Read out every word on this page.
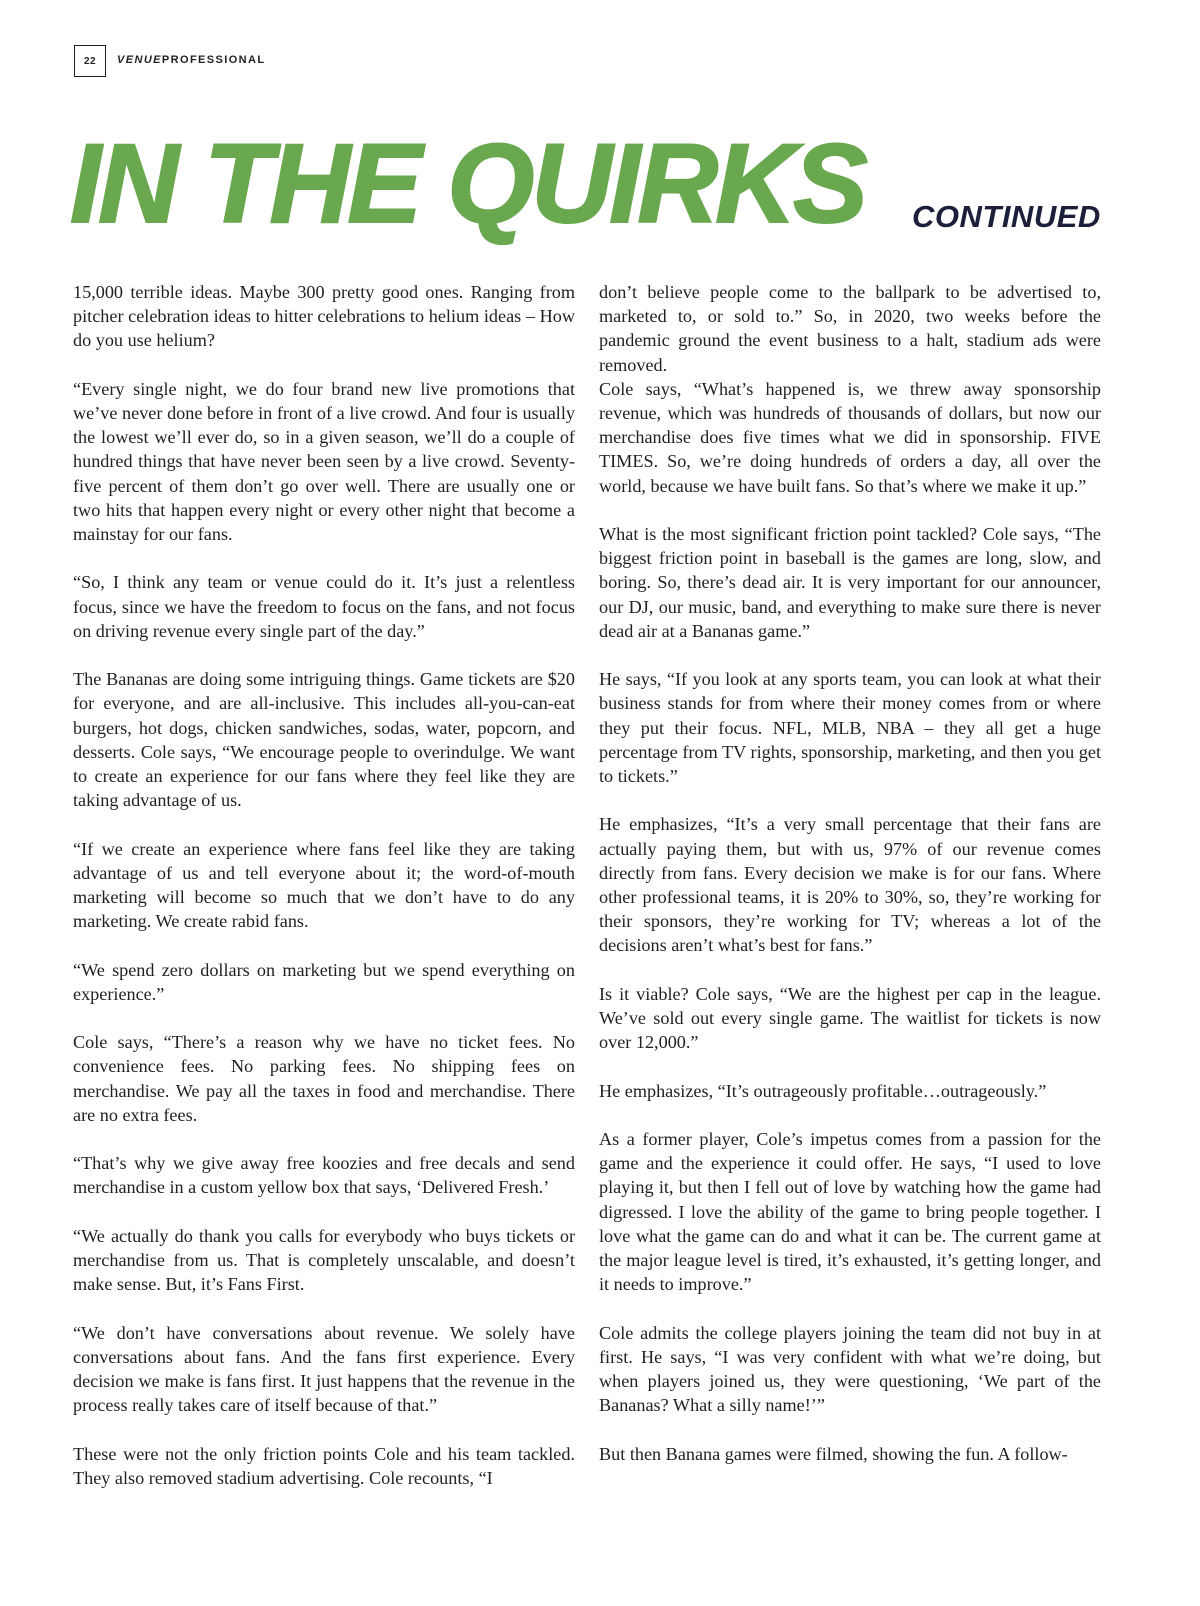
22	VENUEPROFESSIONAL
IN THE QUIRKS CONTINUED

15,000 terrible ideas. Maybe 300 pretty good ones. Ranging from pitcher celebration ideas to hitter celebrations to helium ideas – How do you use helium?

“Every single night, we do four brand new live promotions that we’ve never done before in front of a live crowd. And four is usually the lowest we’ll ever do, so in a given season, we’ll do a couple of hundred things that have never been seen by a live crowd. Seventy-five percent of them don’t go over well. There are usually one or two hits that happen every night or every other night that become a mainstay for our fans.

“So, I think any team or venue could do it. It’s just a relentless focus, since we have the freedom to focus on the fans, and not focus on driving revenue every single part of the day.”

The Bananas are doing some intriguing things. Game tickets are $20 for everyone, and are all-inclusive. This includes all-you-can-eat burgers, hot dogs, chicken sandwiches, sodas, water, popcorn, and desserts. Cole says, “We encourage people to overindulge. We want to create an experience for our fans where they feel like they are taking advantage of us.

“If we create an experience where fans feel like they are taking advantage of us and tell everyone about it; the word-of-mouth marketing will become so much that we don’t have to do any marketing. We create rabid fans.

“We spend zero dollars on marketing but we spend everything on experience.”

Cole says, “There’s a reason why we have no ticket fees. No convenience fees. No parking fees. No shipping fees on merchandise. We pay all the taxes in food and merchandise. There are no extra fees.

“That’s why we give away free koozies and free decals and send merchandise in a custom yellow box that says, ‘Delivered Fresh.’

“We actually do thank you calls for everybody who buys tickets or merchandise from us. That is completely unscalable, and doesn’t make sense. But, it’s Fans First.

“We don’t have conversations about revenue. We solely have conversations about fans. And the fans first experience. Every decision we make is fans first. It just happens that the revenue in the process really takes care of itself because of that.”

These were not the only friction points Cole and his team tackled. They also removed stadium advertising. Cole recounts, “I

don’t believe people come to the ballpark to be advertised to, marketed to, or sold to.” So, in 2020, two weeks before the pandemic ground the event business to a halt, stadium ads were removed.

Cole says, “What’s happened is, we threw away sponsorship revenue, which was hundreds of thousands of dollars, but now our merchandise does five times what we did in sponsorship. FIVE TIMES. So, we’re doing hundreds of orders a day, all over the world, because we have built fans. So that’s where we make it up.”

What is the most significant friction point tackled? Cole says, “The biggest friction point in baseball is the games are long, slow, and boring. So, there’s dead air. It is very important for our announcer, our DJ, our music, band, and everything to make sure there is never dead air at a Bananas game.”

He says, “If you look at any sports team, you can look at what their business stands for from where their money comes from or where they put their focus. NFL, MLB, NBA – they all get a huge percentage from TV rights, sponsorship, marketing, and then you get to tickets.”

He emphasizes, “It’s a very small percentage that their fans are actually paying them, but with us, 97% of our revenue comes directly from fans. Every decision we make is for our fans. Where other professional teams, it is 20% to 30%, so, they’re working for their sponsors, they’re working for TV; whereas a lot of the decisions aren’t what’s best for fans.”

Is it viable? Cole says, “We are the highest per cap in the league. We’ve sold out every single game. The waitlist for tickets is now over 12,000.”

He emphasizes, “It’s outrageously profitable…outrageously.”

As a former player, Cole’s impetus comes from a passion for the game and the experience it could offer. He says, “I used to love playing it, but then I fell out of love by watching how the game had digressed. I love the ability of the game to bring people together. I love what the game can do and what it can be. The current game at the major league level is tired, it’s exhausted, it’s getting longer, and it needs to improve.”

Cole admits the college players joining the team did not buy in at first. He says, “I was very confident with what we’re doing, but when players joined us, they were questioning, ‘We part of the Bananas? What a silly name!’”

But then Banana games were filmed, showing the fun. A follow-
